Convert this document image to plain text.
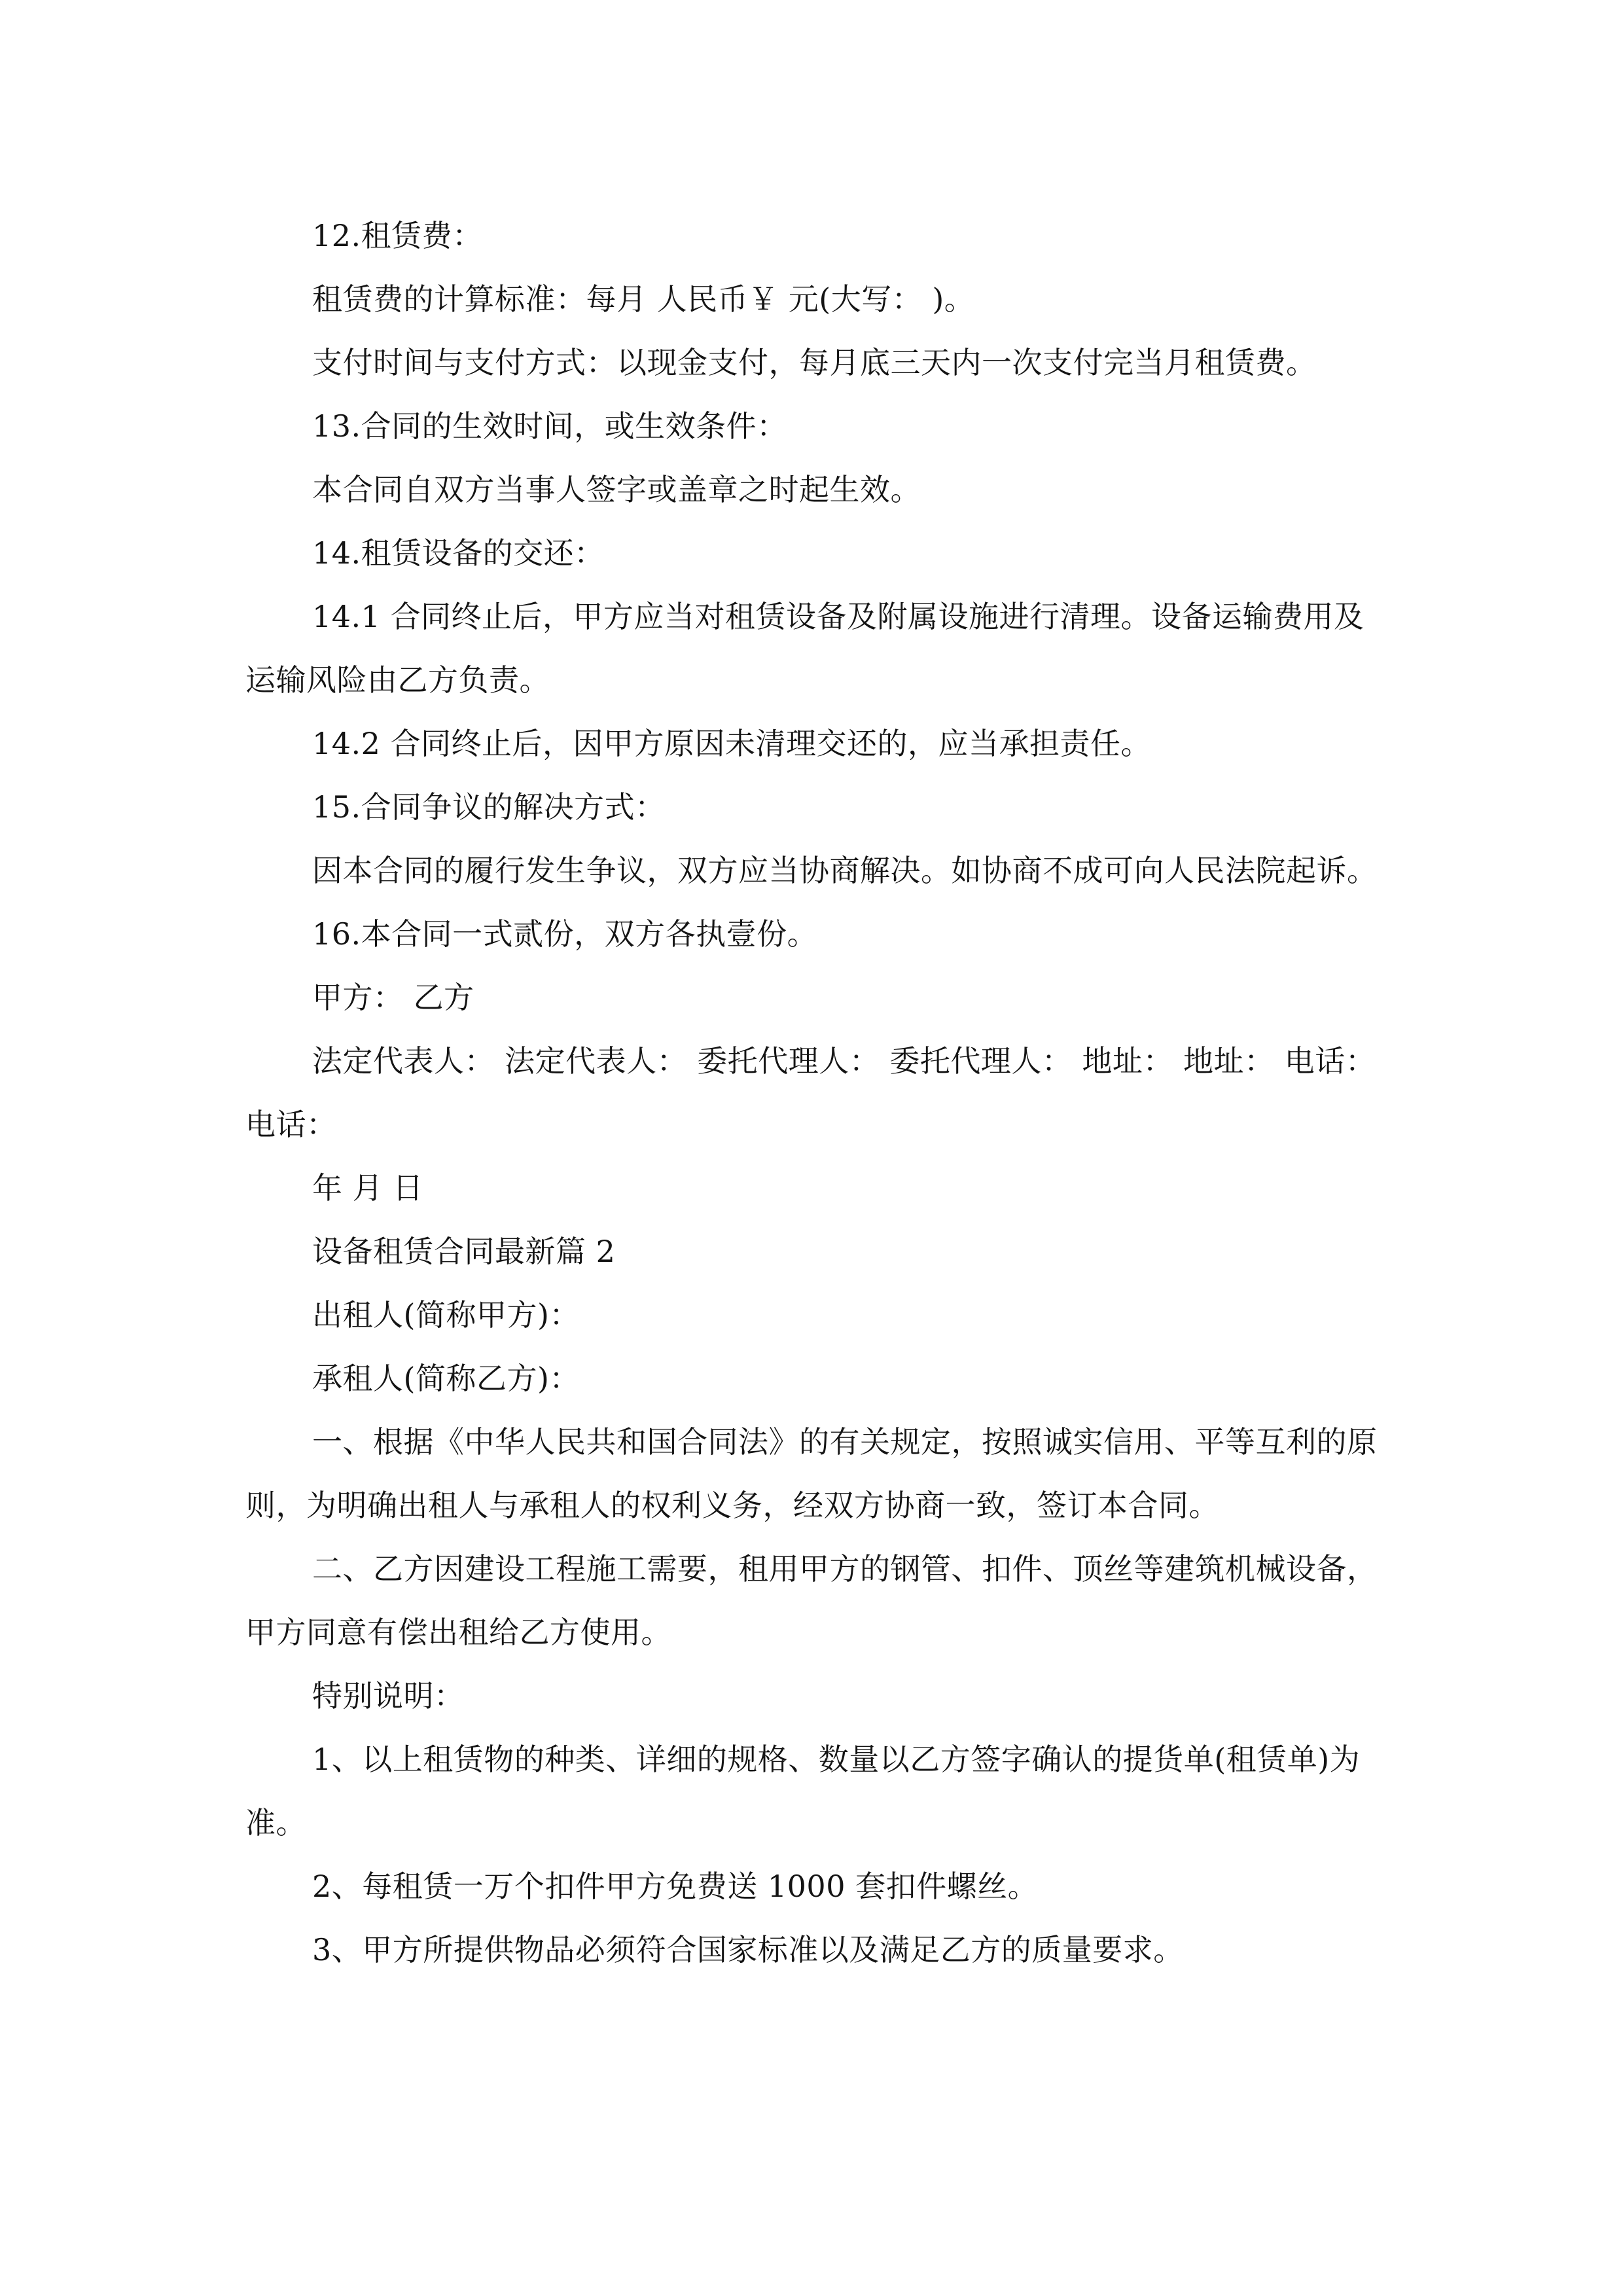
12.租赁费：

租赁费的计算标准：每月 人民币￥ 元(大写： )。

支付时间与支付方式：以现金支付，每月底三天内一次支付完当月租赁费。

13.合同的生效时间，或生效条件：

本合同自双方当事人签字或盖章之时起生效。

14.租赁设备的交还：

14.1 合同终止后，甲方应当对租赁设备及附属设施进行清理。设备运输费用及运输风险由乙方负责。

14.2 合同终止后，因甲方原因未清理交还的，应当承担责任。

15.合同争议的解决方式：

因本合同的履行发生争议，双方应当协商解决。如协商不成可向人民法院起诉。

16.本合同一式贰份，双方各执壹份。

甲方： 乙方

法定代表人： 法定代表人： 委托代理人： 委托代理人： 地址： 地址： 电话： 电话：

年 月 日

设备租赁合同最新篇 2

出租人(简称甲方)：

承租人(简称乙方)：

一、根据《中华人民共和国合同法》的有关规定，按照诚实信用、平等互利的原则，为明确出租人与承租人的权利义务，经双方协商一致，签订本合同。

二、乙方因建设工程施工需要，租用甲方的钢管、扣件、顶丝等建筑机械设备，甲方同意有偿出租给乙方使用。

特别说明：

1、以上租赁物的种类、详细的规格、数量以乙方签字确认的提货单(租赁单)为准。

2、每租赁一万个扣件甲方免费送 1000 套扣件螺丝。

3、甲方所提供物品必须符合国家标准以及满足乙方的质量要求。
